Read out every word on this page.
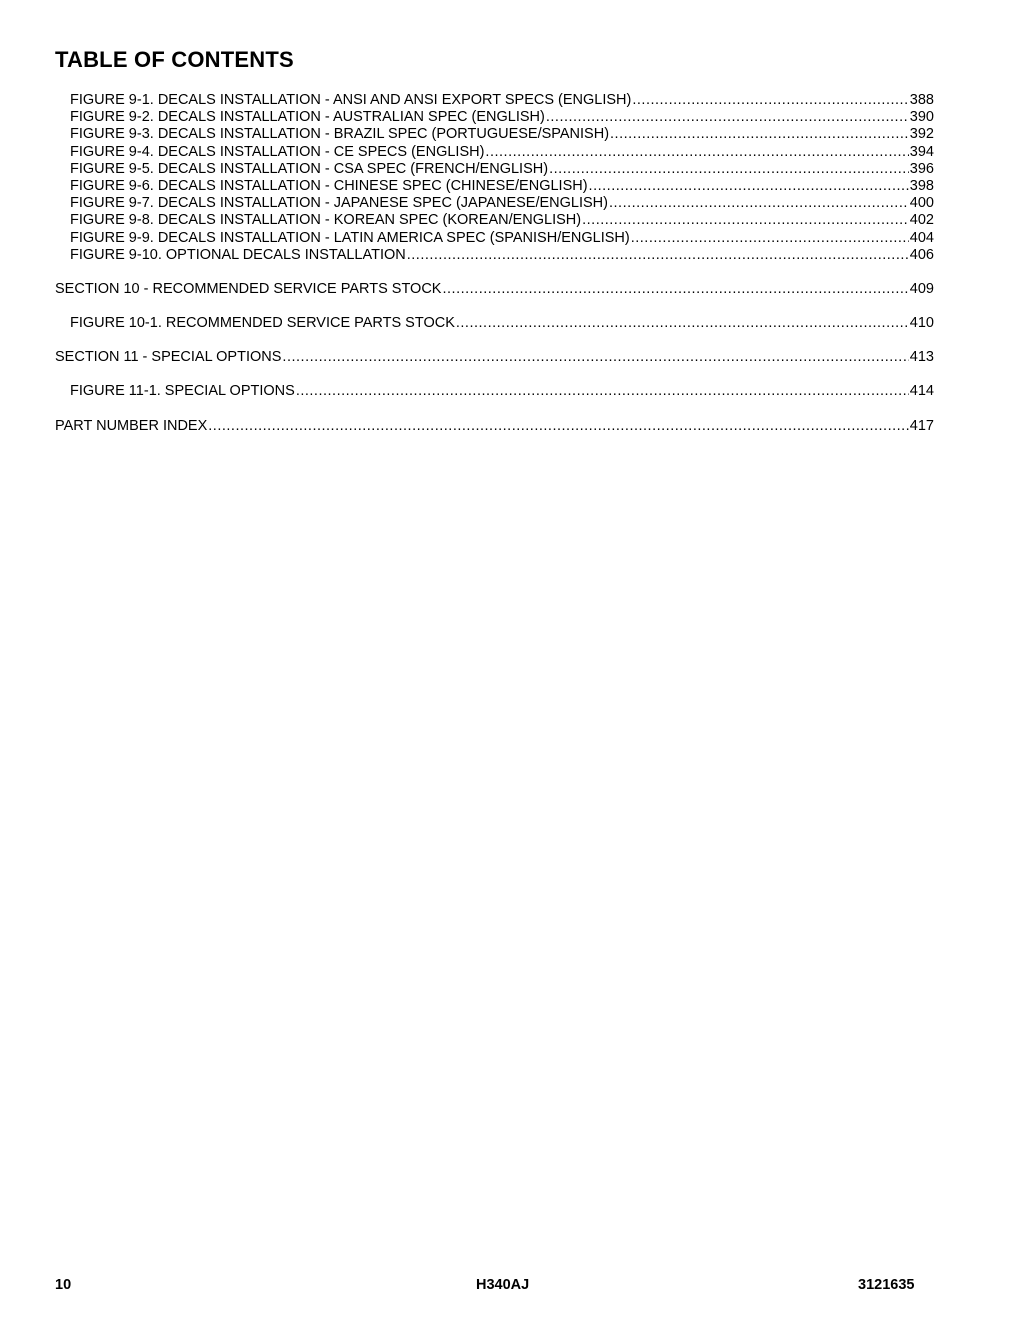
TABLE OF CONTENTS
FIGURE 9-1. DECALS INSTALLATION - ANSI AND ANSI EXPORT SPECS (ENGLISH) .....	388
FIGURE 9-2. DECALS INSTALLATION - AUSTRALIAN SPEC (ENGLISH) .....	390
FIGURE 9-3. DECALS INSTALLATION - BRAZIL SPEC (PORTUGUESE/SPANISH) .....	392
FIGURE 9-4. DECALS INSTALLATION - CE SPECS (ENGLISH) .....	394
FIGURE 9-5. DECALS INSTALLATION - CSA SPEC (FRENCH/ENGLISH) .....	396
FIGURE 9-6. DECALS INSTALLATION - CHINESE SPEC (CHINESE/ENGLISH) .....	398
FIGURE 9-7. DECALS INSTALLATION - JAPANESE SPEC (JAPANESE/ENGLISH) .....	400
FIGURE 9-8. DECALS INSTALLATION - KOREAN SPEC (KOREAN/ENGLISH) .....	402
FIGURE 9-9. DECALS INSTALLATION - LATIN AMERICA SPEC (SPANISH/ENGLISH) .....	404
FIGURE 9-10. OPTIONAL DECALS INSTALLATION .....	406
SECTION 10 - RECOMMENDED SERVICE PARTS STOCK .....	409
FIGURE 10-1. RECOMMENDED SERVICE PARTS STOCK .....	410
SECTION 11 - SPECIAL OPTIONS .....	413
FIGURE 11-1. SPECIAL OPTIONS .....	414
PART NUMBER INDEX .....	417
10	H340AJ	3121635
